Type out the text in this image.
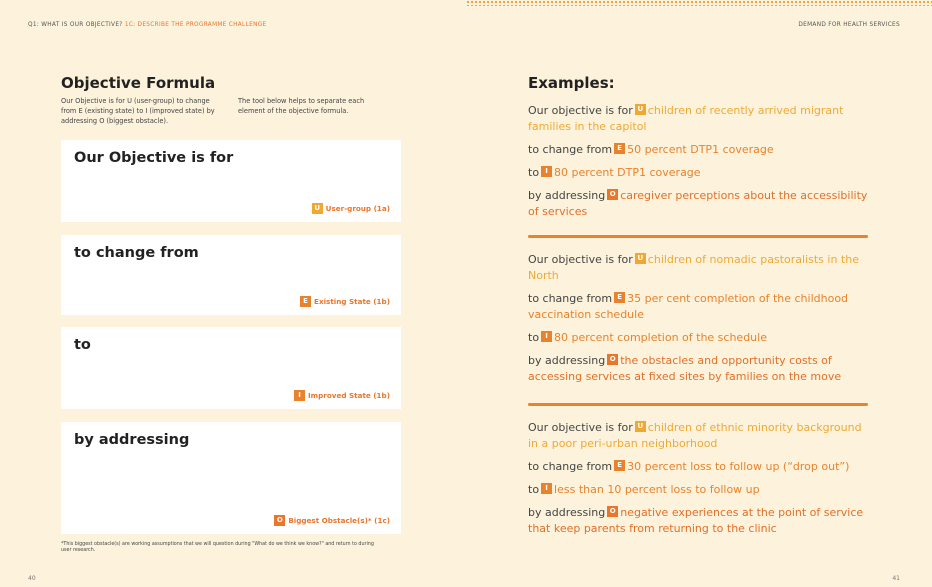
Q1: WHAT IS OUR OBJECTIVE? 1C: DESCRIBE THE PROGRAMME CHALLENGE	DEMAND FOR HEALTH SERVICES
Objective Formula

Our Objective is for U (user-group) to change from E (existing state) to I (improved state) by addressing O (biggest obstacle).

The tool below helps to separate each element of the objective formula.

Our Objective is for
U User-group (1a)
to change from
E Existing State (1b)
to
I	Improved State (1b)
by addressing
O Biggest Obstacle(s)* (1c)

*This biggest obstacle(s) are working assumptions that we will question during "What do we think we know?" and return to during user research.

40
Examples:

Our objective is for U children of recently arrived migrant families in the capitol

to change from E 50 percent DTP1 coverage

to I 80 percent DTP1 coverage

by addressing O caregiver perceptions about the accessibility of services

Our objective is for U children of nomadic pastoralists in the North

to change from E 35 per cent completion of the childhood vaccination schedule

to I 80 percent completion of the schedule

by addressing O the obstacles and opportunity costs of accessing services at fixed sites by families on the move

Our objective is for U children of ethnic minority background in a poor peri-urban neighborhood

to change from E 30 percent loss to follow up (“drop out”)

to I less than 10 percent loss to follow up

by addressing O negative experiences at the point of service that keep parents from returning to the clinic

41
